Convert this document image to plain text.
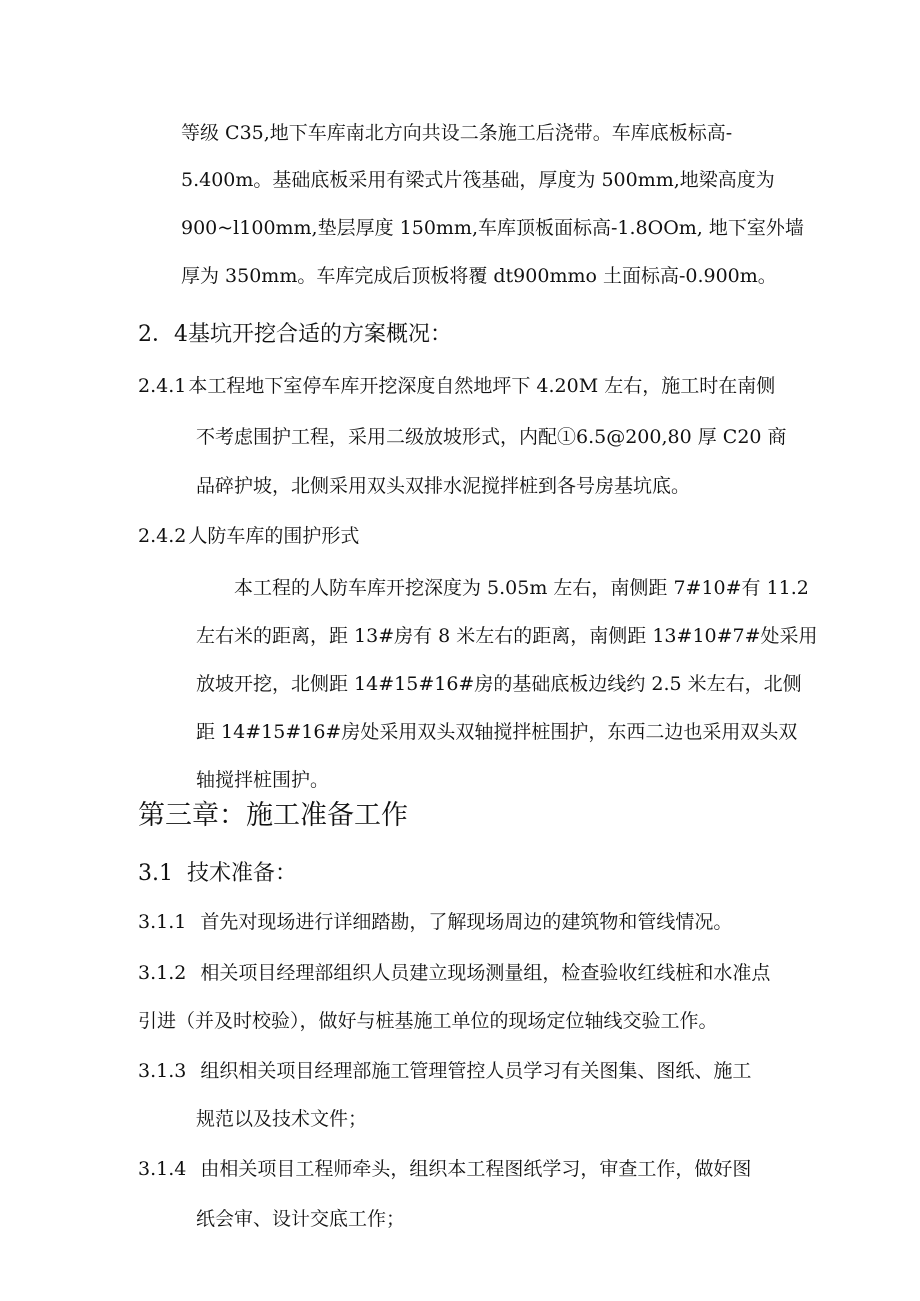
等级 C35,地下车库南北方向共设二条施工后浇带。车库底板标高-
5.400m。基础底板采用有梁式片筏基础，厚度为 500mm,地梁高度为
900~l100mm,垫层厚度 150mm,车库顶板面标高-1.8OOm, 地下室外墙
厚为 350mm。车库完成后顶板将覆 dt900mmo 土面标高-0.900m。
2．4基坑开挖合适的方案概况：
2.4.1 本工程地下室停车库开挖深度自然地坪下 4.20M 左右，施工时在南侧
不考虑围护工程，采用二级放坡形式，内配①6.5@200,80 厚 C20 商
品碎护坡，北侧采用双头双排水泥搅拌桩到各号房基坑底。
2.4.2 人防车库的围护形式
本工程的人防车库开挖深度为 5.05m 左右，南侧距 7#10#有 11.2
左右米的距离，距 13#房有 8 米左右的距离，南侧距 13#10#7#处采用
放坡开挖，北侧距 14#15#16#房的基础底板边线约 2.5 米左右，北侧
距 14#15#16#房处采用双头双轴搅拌桩围护，东西二边也采用双头双
轴搅拌桩围护。
第三章：施工准备工作
3.1 技术准备：
3.1.1 首先对现场进行详细踏勘，了解现场周边的建筑物和管线情况。
3.1.2 相关项目经理部组织人员建立现场测量组，检查验收红线桩和水准点
引进（并及时校验），做好与桩基施工单位的现场定位轴线交验工作。
3.1.3 组织相关项目经理部施工管理管控人员学习有关图集、图纸、施工
规范以及技术文件；
3.1.4 由相关项目工程师牵头，组织本工程图纸学习，审查工作，做好图
纸会审、设计交底工作；
